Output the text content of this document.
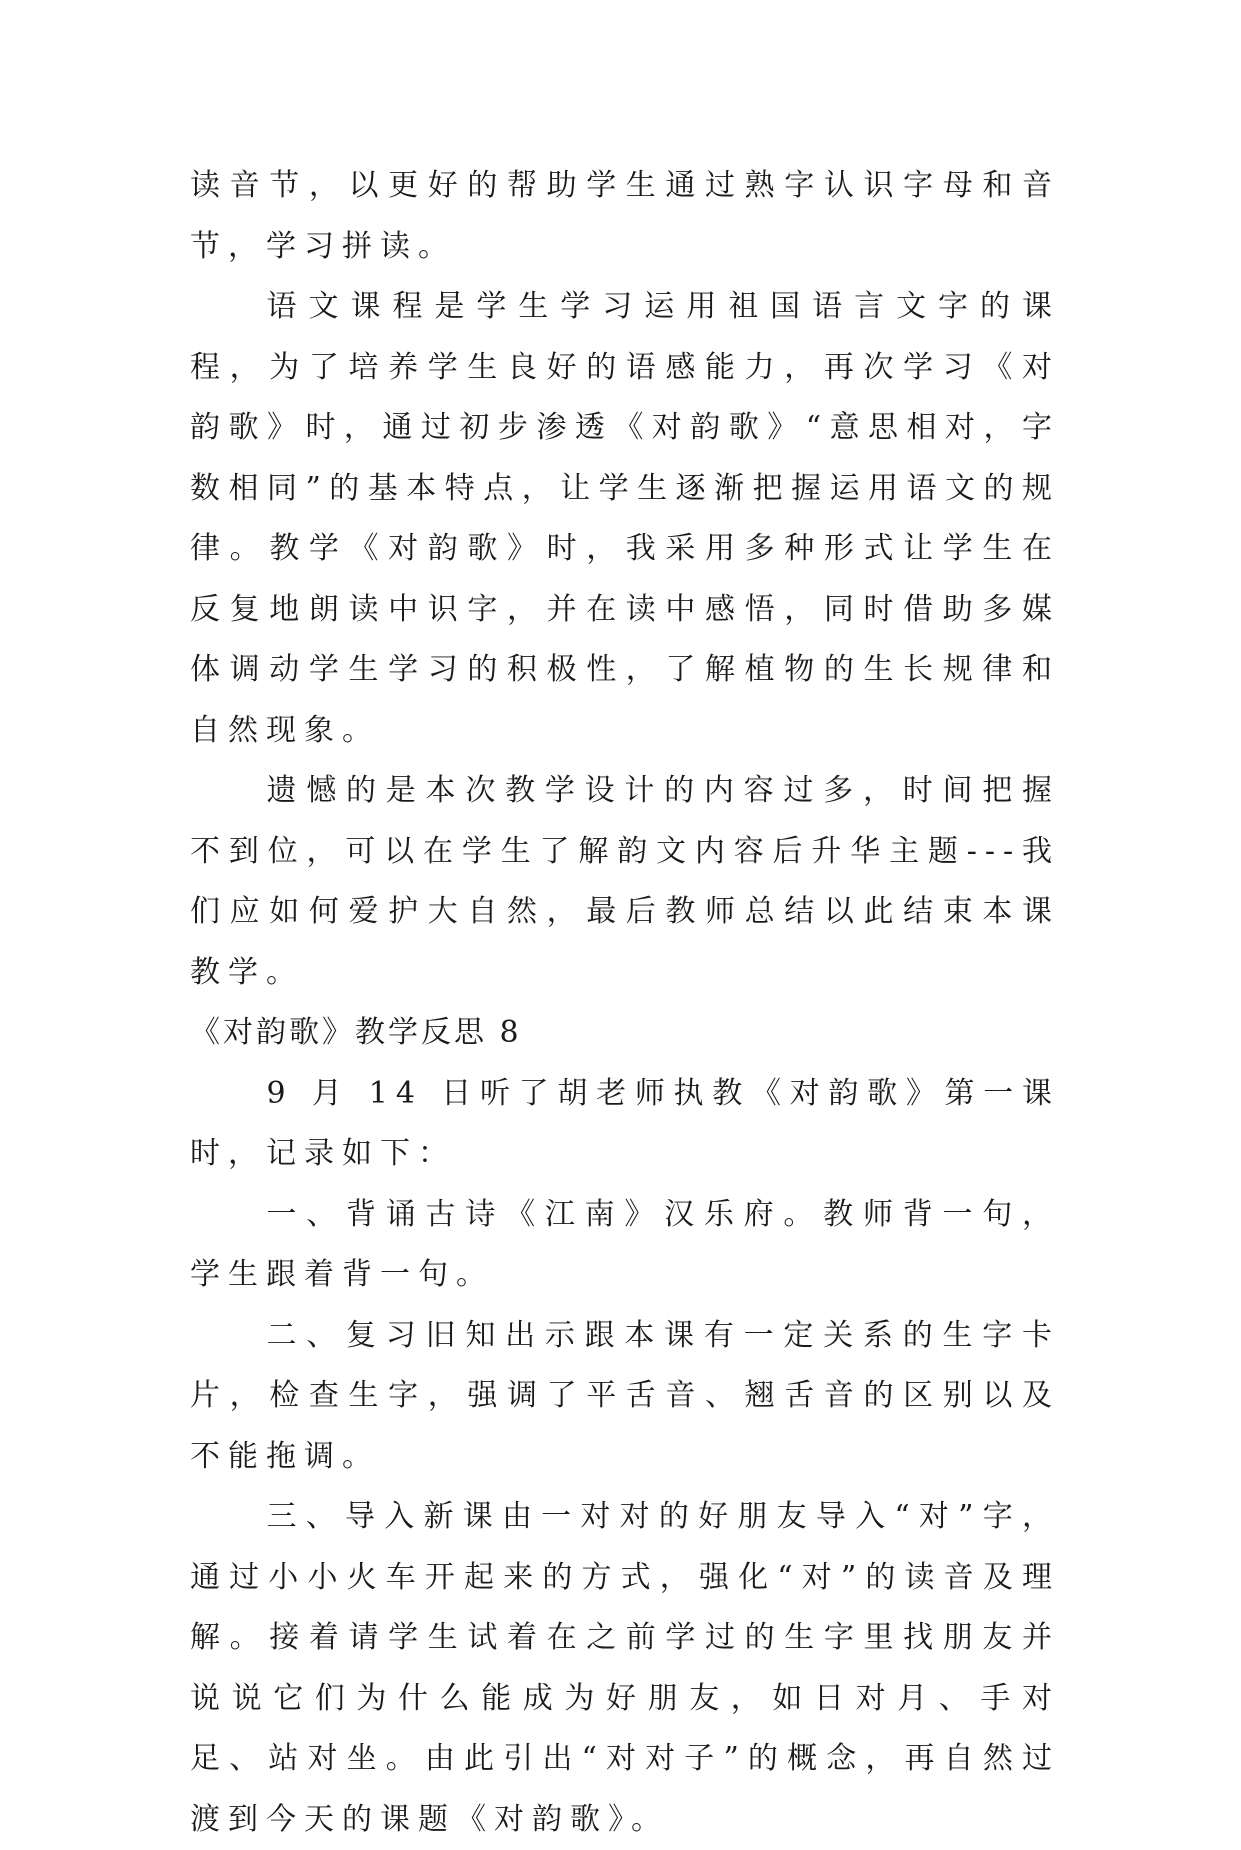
读音节，以更好的帮助学生通过熟字认识字母和音节，学习拼读。

语文课程是学生学习运用祖国语言文字的课程，为了培养学生良好的语感能力，再次学习《对韵歌》时，通过初步渗透《对韵歌》“意思相对，字数相同”的基本特点，让学生逐渐把握运用语文的规律。教学《对韵歌》时，我采用多种形式让学生在反复地朗读中识字，并在读中感悟，同时借助多媒体调动学生学习的积极性，了解植物的生长规律和自然现象。

遗憾的是本次教学设计的内容过多，时间把握不到位，可以在学生了解韵文内容后升华主题---我们应如何爱护大自然，最后教师总结以此结束本课教学。

《对韵歌》教学反思 8

9 月 14 日听了胡老师执教《对韵歌》第一课时，记录如下：

一、背诵古诗《江南》汉乐府。教师背一句，学生跟着背一句。

二、复习旧知出示跟本课有一定关系的生字卡片，检查生字，强调了平舌音、翘舌音的区别以及不能拖调。

三、导入新课由一对对的好朋友导入“对”字，通过小小火车开起来的方式，强化“对”的读音及理解。接着请学生试着在之前学过的生字里找朋友并说说它们为什么能成为好朋友，如日对月、手对足、站对坐。由此引出“对对子”的概念，再自然过渡到今天的课题《对韵歌》。
